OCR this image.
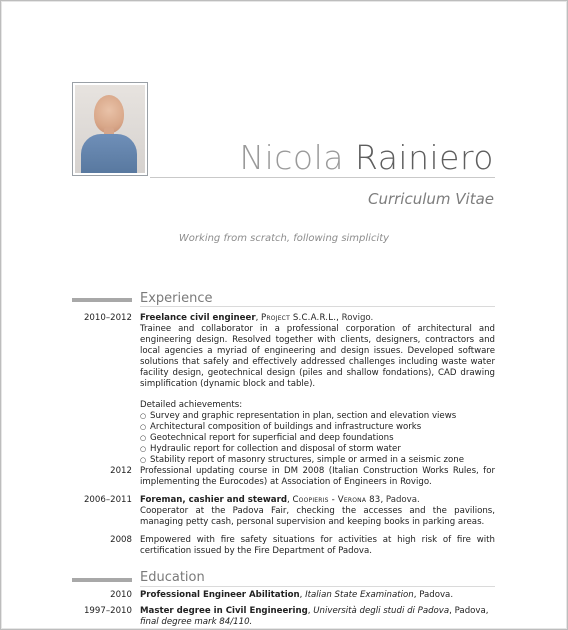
Nicola Rainiero
Curriculum Vitae
Working from scratch, following simplicity
Experience
2010–2012 Freelance civil engineer, Project S.C.A.R.L., Rovigo.
Trainee and collaborator in a professional corporation of architectural and engineering design. Resolved together with clients, designers, contractors and local agencies a myriad of engineering and design issues. Developed software solutions that safely and effectively addressed challenges including waste water facility design, geotechnical design (piles and shallow fondations), CAD drawing simplification (dynamic block and table).
Detailed achievements:
○ Survey and graphic representation in plan, section and elevation views
○ Architectural composition of buildings and infrastructure works
○ Geotechnical report for superficial and deep foundations
○ Hydraulic report for collection and disposal of storm water
○ Stability report of masonry structures, simple or armed in a seismic zone
2012 Professional updating course in DM 2008 (Italian Construction Works Rules, for implementing the Eurocodes) at Association of Engineers in Rovigo.
2006–2011 Foreman, cashier and steward, Coopieris - Verona 83, Padova.
Cooperator at the Padova Fair, checking the accesses and the pavilions, managing petty cash, personal supervision and keeping books in parking areas.
2008 Empowered with fire safety situations for activities at high risk of fire with certification issued by the Fire Department of Padova.
Education
2010 Professional Engineer Abilitation, Italian State Examination, Padova.
1997–2010 Master degree in Civil Engineering, Università degli studi di Padova, Padova,
final degree mark 84/110.
